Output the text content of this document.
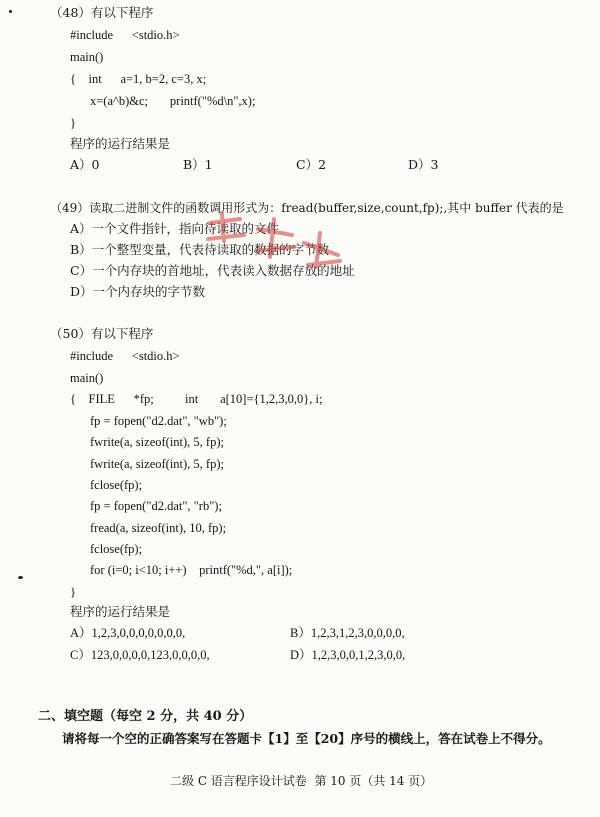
（48）有以下程序
#include      <stdio.h>
main()
{    int      a=1, b=2, c=3, x;
x=(a^b)&c;       printf("%d\n",x);
}
程序的运行结果是
A）0	B）1	C）2	D）3
（49）读取二进制文件的函数调用形式为：fread(buffer,size,count,fp);,其中 buffer 代表的是
A）一个文件指针，指向待读取的文件
B）一个整型变量，代表待读取的数据的字节数
C）一个内存块的首地址，代表读入数据存放的地址
D）一个内存块的字节数
（50）有以下程序
#include      <stdio.h>
main()
{    FILE      *fp;          int       a[10]={1,2,3,0,0}, i;
fp = fopen("d2.dat", "wb");
fwrite(a, sizeof(int), 5, fp);
fwrite(a, sizeof(int), 5, fp);
fclose(fp);
fp = fopen("d2.dat", "rb");
fread(a, sizeof(int), 10, fp);
fclose(fp);
for (i=0; i<10; i++)    printf("%d,", a[i]);
}
程序的运行结果是
A）1,2,3,0,0,0,0,0,0,0,	B）1,2,3,1,2,3,0,0,0,0,
C）123,0,0,0,0,123,0,0,0,0,	D）1,2,3,0,0,1,2,3,0,0,
二、填空题（每空 2 分，共 40 分）
请将每一个空的正确答案写在答题卡【1】至【20】序号的横线上，答在试卷上不得分。
二级 C 语言程序设计试卷  第 10 页（共 14 页）
